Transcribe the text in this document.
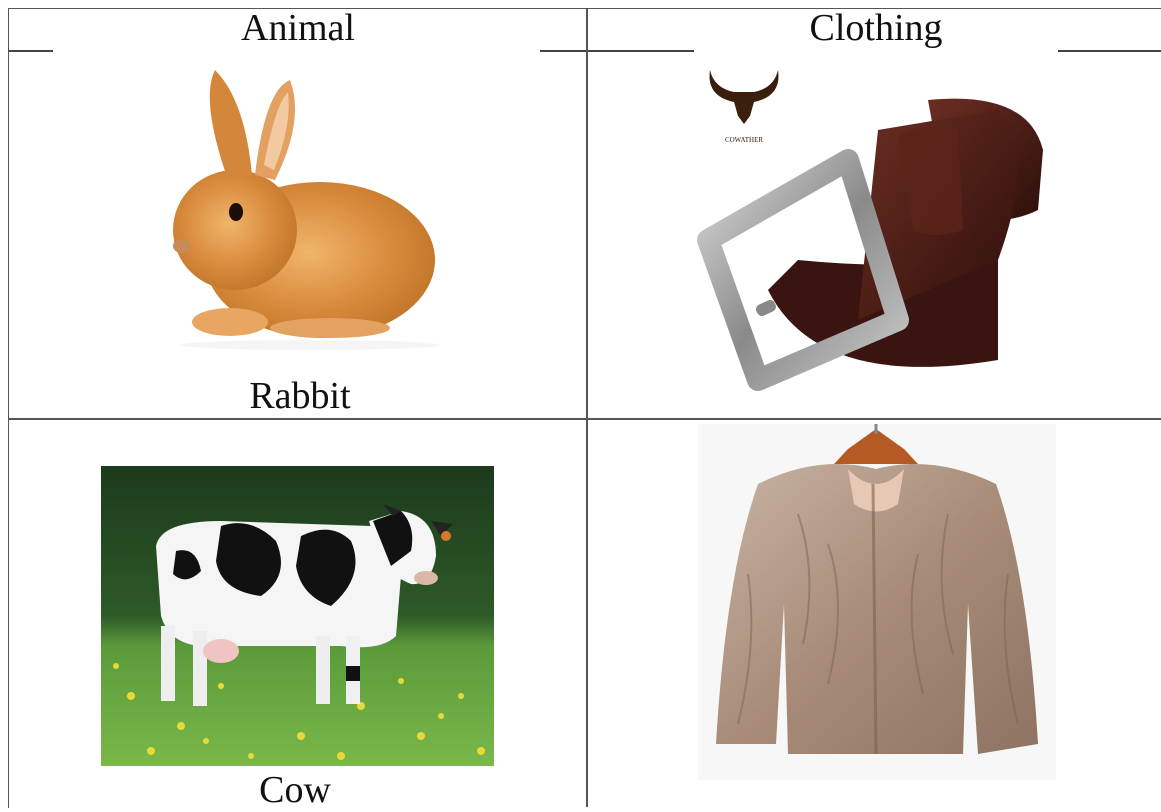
Animal	Clothing
Rabbit
COWATHER
Cow
